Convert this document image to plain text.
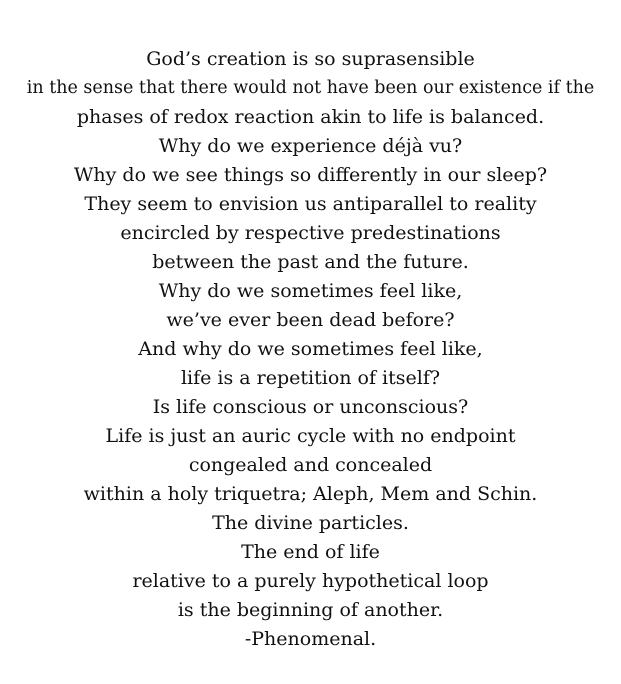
God’s creation is so suprasensible
in the sense that there would not have been our existence if the
phases of redox reaction akin to life is balanced.
Why do we experience déjà vu?
Why do we see things so differently in our sleep?
They seem to envision us antiparallel to reality
encircled by respective predestinations
between the past and the future.
Why do we sometimes feel like,
we’ve ever been dead before?
And why do we sometimes feel like,
life is a repetition of itself?
Is life conscious or unconscious?
Life is just an auric cycle with no endpoint
congealed and concealed
within a holy triquetra; Aleph, Mem and Schin.
The divine particles.
The end of life
relative to a purely hypothetical loop
is the beginning of another.
-Phenomenal.
